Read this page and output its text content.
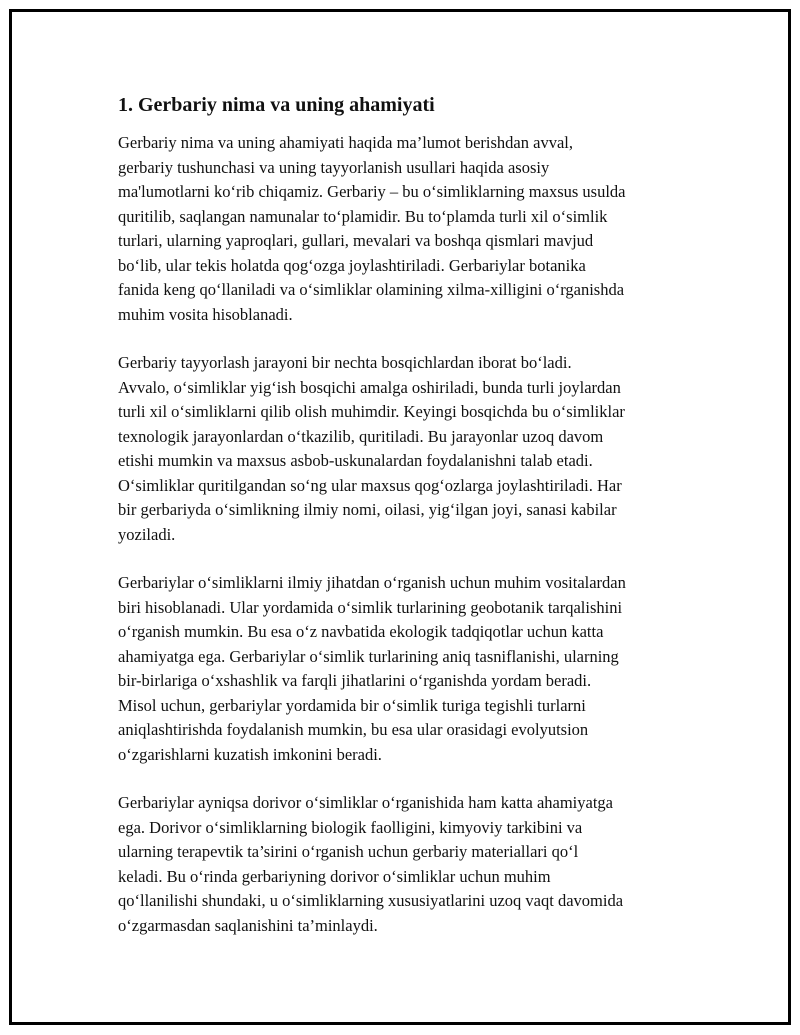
1. Gerbariy nima va uning ahamiyati

Gerbariy nima va uning ahamiyati haqida ma’lumot berishdan avval,
gerbariy tushunchasi va uning tayyorlanish usullari haqida asosiy
ma'lumotlarni ko‘rib chiqamiz. Gerbariy – bu o‘simliklarning maxsus usulda
quritilib, saqlangan namunalar to‘plamidir. Bu to‘plamda turli xil o‘simlik
turlari, ularning yaproqlari, gullari, mevalari va boshqa qismlari mavjud
bo‘lib, ular tekis holatda qog‘ozga joylashtiriladi. Gerbariylar botanika
fanida keng qo‘llaniladi va o‘simliklar olamining xilma-xilligini o‘rganishda
muhim vosita hisoblanadi.

Gerbariy tayyorlash jarayoni bir nechta bosqichlardan iborat bo‘ladi.
Avvalo, o‘simliklar yig‘ish bosqichi amalga oshiriladi, bunda turli joylardan
turli xil o‘simliklarni qilib olish muhimdir. Keyingi bosqichda bu o‘simliklar
texnologik jarayonlardan o‘tkazilib, quritiladi. Bu jarayonlar uzoq davom
etishi mumkin va maxsus asbob-uskunalardan foydalanishni talab etadi.
O‘simliklar quritilgandan so‘ng ular maxsus qog‘ozlarga joylashtiriladi. Har
bir gerbariyda o‘simlikning ilmiy nomi, oilasi, yig‘ilgan joyi, sanasi kabilar
yoziladi.

Gerbariylar o‘simliklarni ilmiy jihatdan o‘rganish uchun muhim vositalardan
biri hisoblanadi. Ular yordamida o‘simlik turlarining geobotanik tarqalishini
o‘rganish mumkin. Bu esa o‘z navbatida ekologik tadqiqotlar uchun katta
ahamiyatga ega. Gerbariylar o‘simlik turlarining aniq tasniflanishi, ularning
bir-birlariga o‘xshashlik va farqli jihatlarini o‘rganishda yordam beradi.
Misol uchun, gerbariylar yordamida bir o‘simlik turiga tegishli turlarni
aniqlashtirishda foydalanish mumkin, bu esa ular orasidagi evolyutsion
o‘zgarishlarni kuzatish imkonini beradi.

Gerbariylar ayniqsa dorivor o‘simliklar o‘rganishida ham katta ahamiyatga
ega. Dorivor o‘simliklarning biologik faolligini, kimyoviy tarkibini va
ularning terapevtik ta’sirini o‘rganish uchun gerbariy materiallari qo‘l
keladi. Bu o‘rinda gerbariyning dorivor o‘simliklar uchun muhim
qo‘llanilishi shundaki, u o‘simliklarning xususiyatlarini uzoq vaqt davomida
o‘zgarmasdan saqlanishini ta’minlaydi.
